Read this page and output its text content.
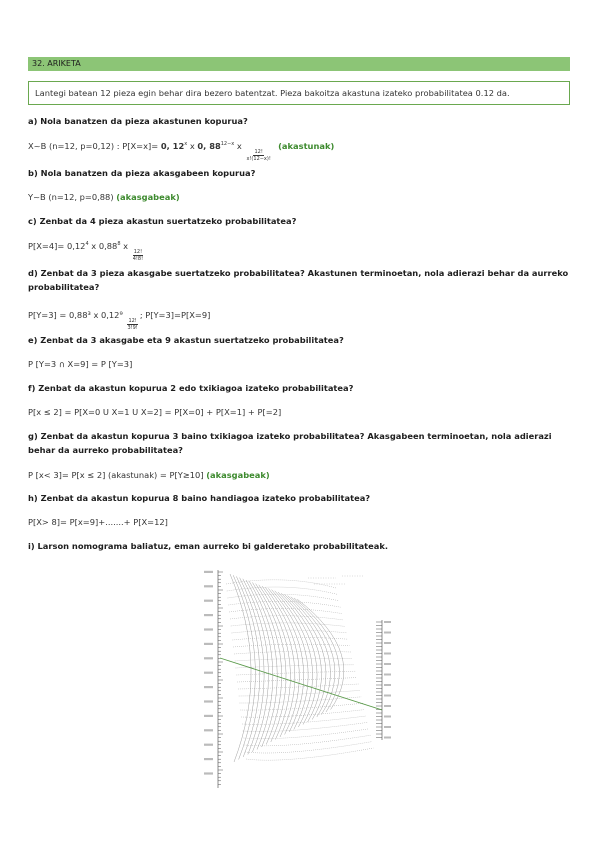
32. ARIKETA
Lantegi batean 12 pieza egin behar dira bezero batentzat. Pieza bakoitza akastuna izateko probabilitatea 0.12 da.
a) Nola banatzen da pieza akastunen kopurua?
X~B (n=12, p=0,12) : P[X=x]= 0, 12$^x$ x 0, $88^{12-x}$ x
$\frac{12!}{x!(12-x)!}$
(akastunak)
b) Nola banatzen da pieza akasgabeen kopurua?
Y~B (n=12, p=0,88) (akasgabeak)
c) Zenbat da 4 pieza akastun suertatzeko probabilitatea?
$P[X=4]= 0,12^4$ x 0,88$^8$ x
$\frac{12!}{4!8!}$
d) Zenbat da 3 pieza akasgabe suertatzeko probabilitatea? Akastunen terminoetan, nola adierazi behar da aurreko probabilitatea?
P[Y=3] = 0,88³ x 0,12⁹
$\frac{12!}{3!9!}$
; P[Y=3]=P[X=9]
e) Zenbat da 3 akasgabe eta 9 akastun suertatzeko probabilitatea?
P [Y=3 ∩ X=9] = P [Y=3]
f) Zenbat da akastun kopurua 2 edo txikiagoa izateko probabilitatea?
P[x ≤ 2] = P[X=0 U X=1 U X=2] = P[X=0] + P[X=1] + P[=2]
g) Zenbat da akastun kopurua 3 baino txikiagoa izateko probabilitatea? Akasgabeen terminoetan, nola adierazi behar da aurreko probabilitatea?
P [x< 3]= P[x ≤ 2] (akastunak) = P[Y≥10] (akasgabeak)
h) Zenbat da akastun kopurua 8 baino handiagoa izateko probabilitatea?
P[X> 8]= P[x=9]+.......+ P[X=12]
i) Larson nomograma baliatuz, eman aurreko bi galderetako probabilitateak.
